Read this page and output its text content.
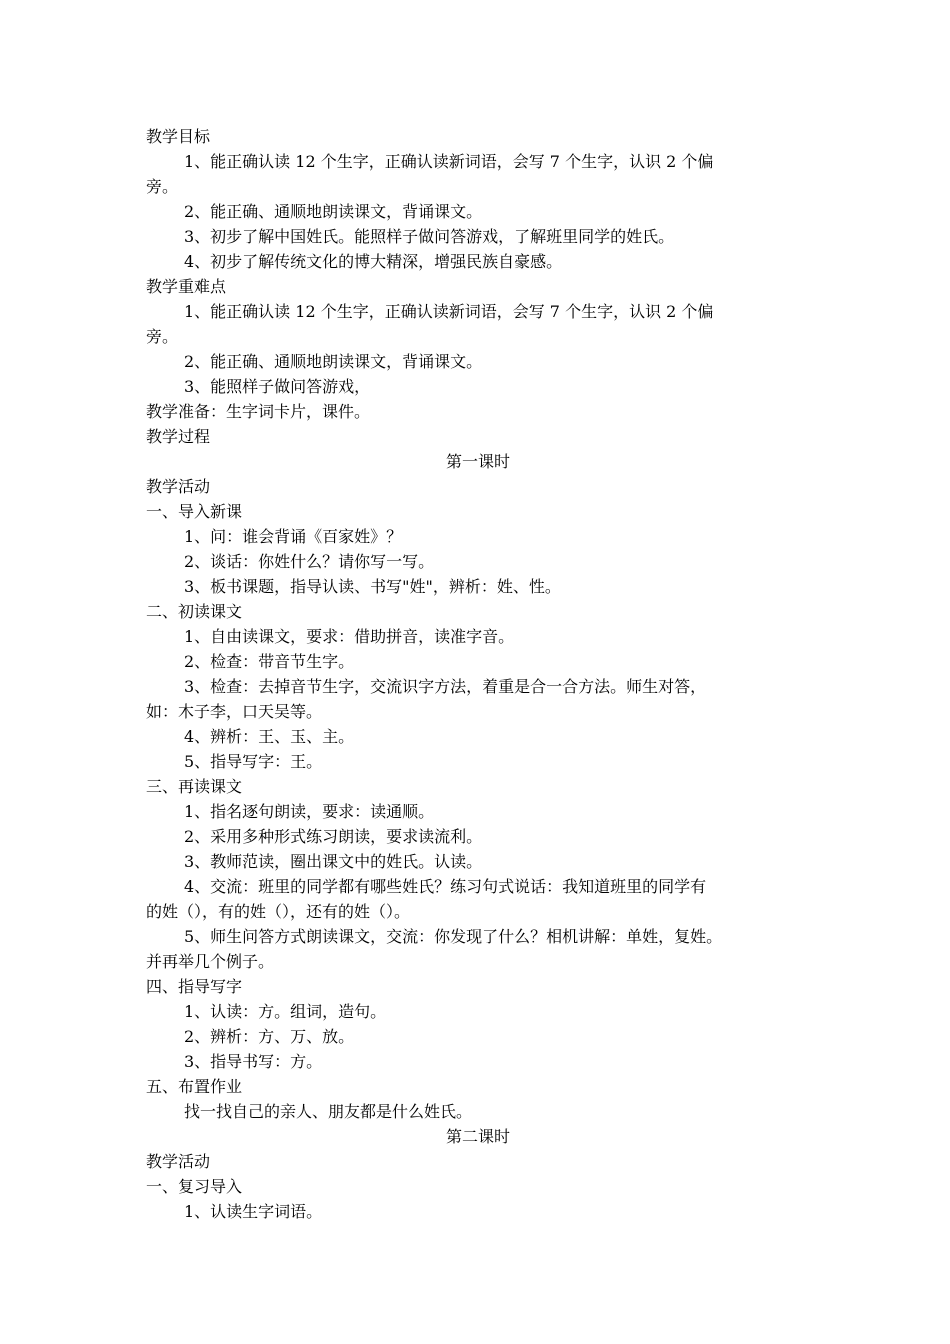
教学目标
1、能正确认读 12 个生字，正确认读新词语，会写 7 个生字，认识 2 个偏
旁。
2、能正确、通顺地朗读课文，背诵课文。
3、初步了解中国姓氏。能照样子做问答游戏，了解班里同学的姓氏。
4、初步了解传统文化的博大精深，增强民族自豪感。
教学重难点
1、能正确认读 12 个生字，正确认读新词语，会写 7 个生字，认识 2 个偏
旁。
2、能正确、通顺地朗读课文，背诵课文。
3、能照样子做问答游戏，
教学准备：生字词卡片，课件。
教学过程
第一课时
教学活动
一、导入新课
1、问：谁会背诵《百家姓》？
2、谈话：你姓什么？请你写一写。
3、板书课题，指导认读、书写"姓"，辨析：姓、性。
二、初读课文
1、自由读课文，要求：借助拼音，读准字音。
2、检查：带音节生字。
3、检查：去掉音节生字，交流识字方法，着重是合一合方法。师生对答，
如：木子李，口天吴等。
4、辨析：王、玉、主。
5、指导写字：王。
三、再读课文
1、指名逐句朗读，要求：读通顺。
2、采用多种形式练习朗读，要求读流利。
3、教师范读，圈出课文中的姓氏。认读。
4、交流：班里的同学都有哪些姓氏？练习句式说话：我知道班里的同学有
的姓（），有的姓（），还有的姓（）。
5、师生问答方式朗读课文，交流：你发现了什么？相机讲解：单姓，复姓。
并再举几个例子。
四、指导写字
1、认读：方。组词，造句。
2、辨析：方、万、放。
3、指导书写：方。
五、布置作业
找一找自己的亲人、朋友都是什么姓氏。
第二课时
教学活动
一、复习导入
1、认读生字词语。
